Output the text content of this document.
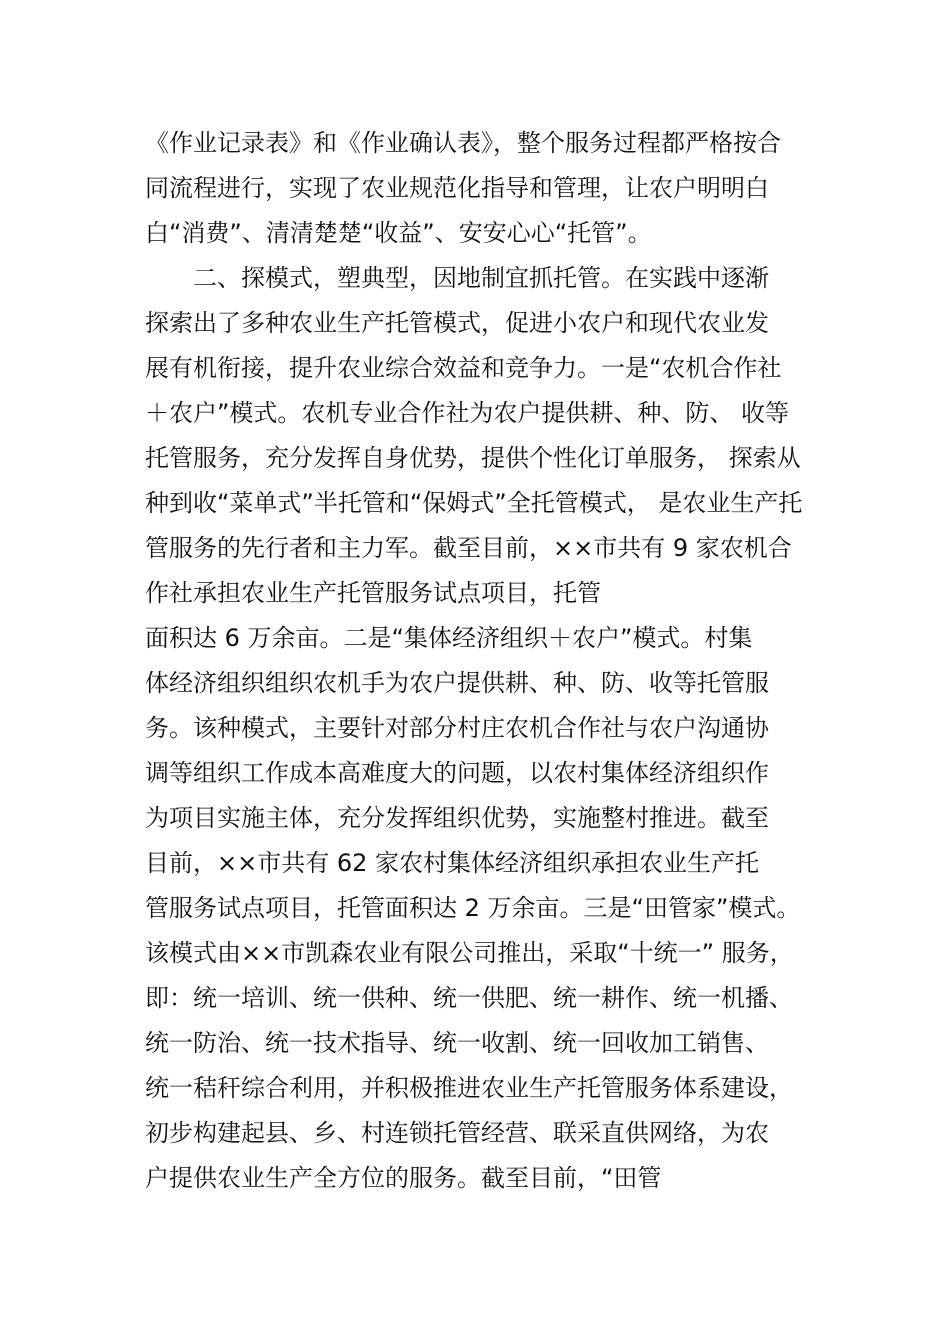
《作业记录表》和《作业确认表》，整个服务过程都严格按合
同流程进行，实现了农业规范化指导和管理，让农户明明白
白“消费”、清清楚楚“收益”、安安心心“托管”。
二、探模式，塑典型，因地制宜抓托管。在实践中逐渐
探索出了多种农业生产托管模式，促进小农户和现代农业发
展有机衔接，提升农业综合效益和竞争力。一是“农机合作社
＋农户”模式。农机专业合作社为农户提供耕、种、防、 收等
托管服务，充分发挥自身优势，提供个性化订单服务， 探索从
种到收“菜单式”半托管和“保姆式”全托管模式， 是农业生产托
管服务的先行者和主力军。截至目前，××市共有 9 家农机合
作社承担农业生产托管服务试点项目，托管
面积达 6 万余亩。二是“集体经济组织＋农户”模式。村集
体经济组织组织农机手为农户提供耕、种、防、收等托管服
务。该种模式，主要针对部分村庄农机合作社与农户沟通协
调等组织工作成本高难度大的问题，以农村集体经济组织作
为项目实施主体，充分发挥组织优势，实施整村推进。截至
目前，××市共有 62 家农村集体经济组织承担农业生产托
管服务试点项目，托管面积达 2 万余亩。三是“田管家”模式。
该模式由××市凯森农业有限公司推出，采取“十统一” 服务，
即：统一培训、统一供种、统一供肥、统一耕作、统一机播、
统一防治、统一技术指导、统一收割、统一回收加工销售、
统一秸秆综合利用，并积极推进农业生产托管服务体系建设，
初步构建起县、乡、村连锁托管经营、联采直供网络，为农
户提供农业生产全方位的服务。截至目前，“田管
